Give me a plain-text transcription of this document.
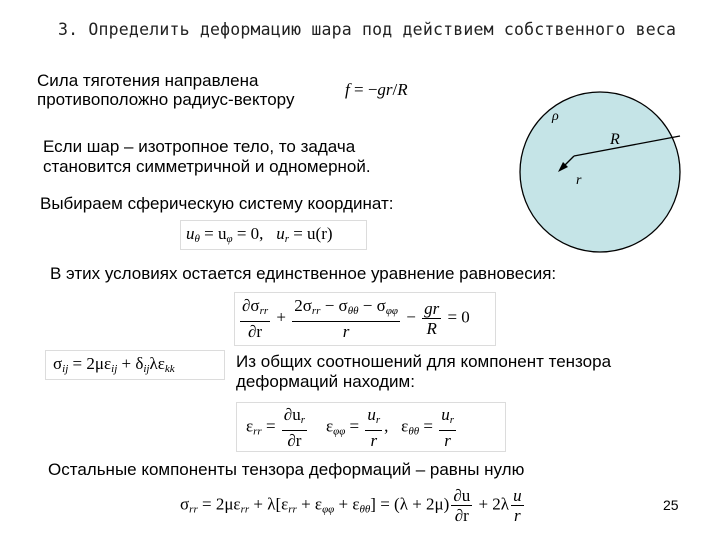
3. Определить деформацию шара под действием собственного веса
Сила тяготения направлена
противоположно радиус-вектору
f = −gr/R
ρ
R
r
Если шар – изотропное тело, то задача
становится симметричной и одномерной.
Выбираем сферическую систему координат:
$u_\theta = u_\varphi = 0$, $u_r = u(r)$
В этих условиях остается единственное уравнение равновесия:
$\frac{\partial\sigma_{rr}}{\partial r} + \frac{2\sigma_{rr} - \sigma_{\theta\theta} - \sigma_{\varphi\varphi}}{r} - \frac{gr}{R} = 0$
$\sigma_{ij} = 2\mu\varepsilon_{ij} + \delta_{ij}\lambda\varepsilon_{kk}$	Из общих соотношений для компонент тензора
деформаций находим:
$\varepsilon_{rr} = \frac{\partial u_r}{\partial r} \varepsilon_{\varphi\varphi} = \frac{u_r}{r}$ , $\varepsilon_{\theta\theta} = \frac{u_r}{r}$
Остальные компоненты тензора деформаций – равны нулю
$\sigma_{rr} = 2\mu\varepsilon_{rr} + \lambda[\varepsilon_{rr} + \varepsilon_{\varphi\varphi} + \varepsilon_{\theta\theta}] = (\lambda + 2\mu) \frac{\partial u}{\partial r} + 2\lambda \frac{u}{r}$	25
